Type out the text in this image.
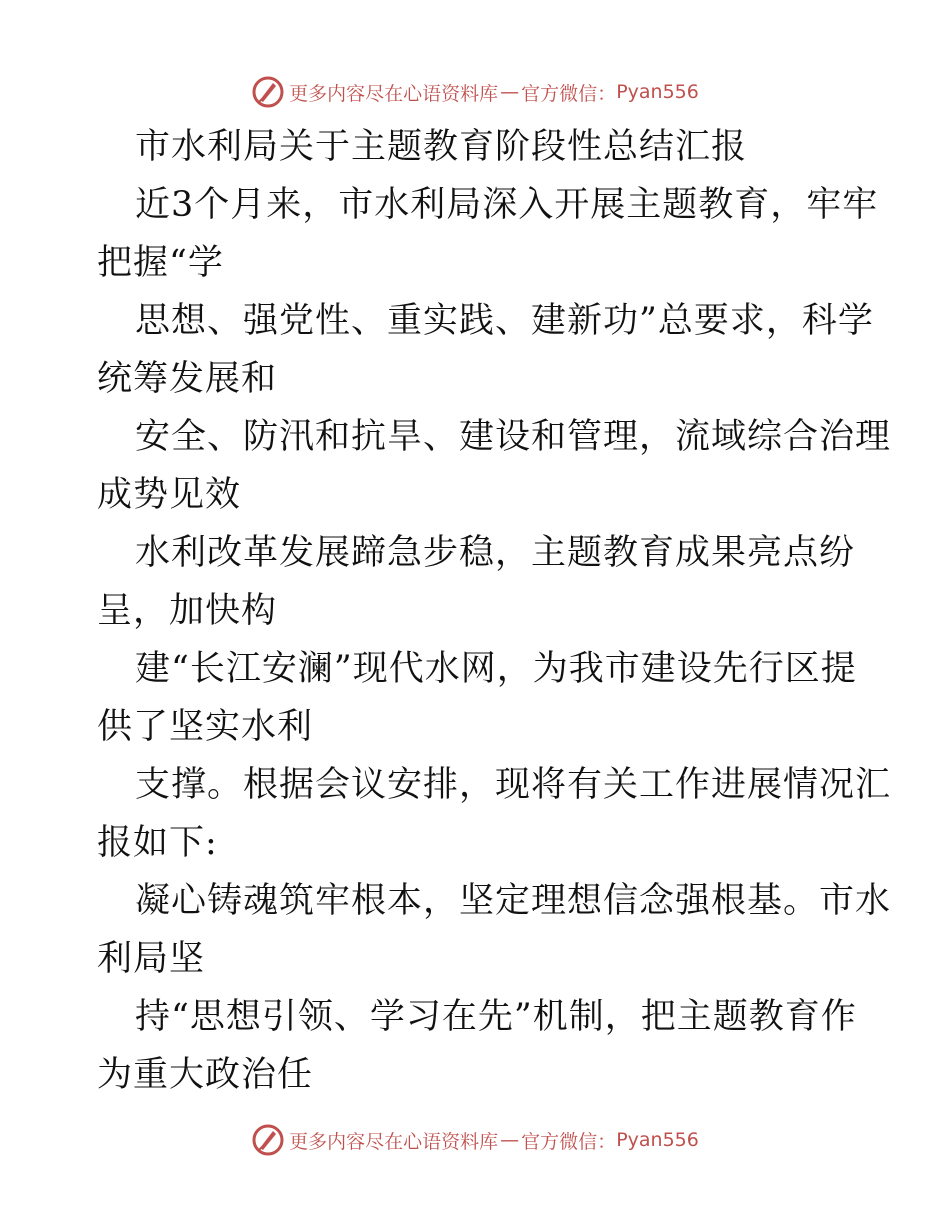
更多内容尽在心语资料库 — 官方微信： Pyan556
市水利局关于主题教育阶段性总结汇报
近3个月来，市水利局深入开展主题教育，牢牢
把握“学
思想、强党性、重实践、建新功”总要求，科学
统筹发展和
安全、防汛和抗旱、建设和管理，流域综合治理
成势见效
水利改革发展蹄急步稳，主题教育成果亮点纷
呈，加快构
建“长江安澜”现代水网，为我市建设先行区提
供了坚实水利
支撑。根据会议安排，现将有关工作进展情况汇
报如下:
凝心铸魂筑牢根本，坚定理想信念强根基。市水
利局坚
持“思想引领、学习在先”机制，把主题教育作
为重大政治任
更多内容尽在心语资料库 — 官方微信： Pyan556
